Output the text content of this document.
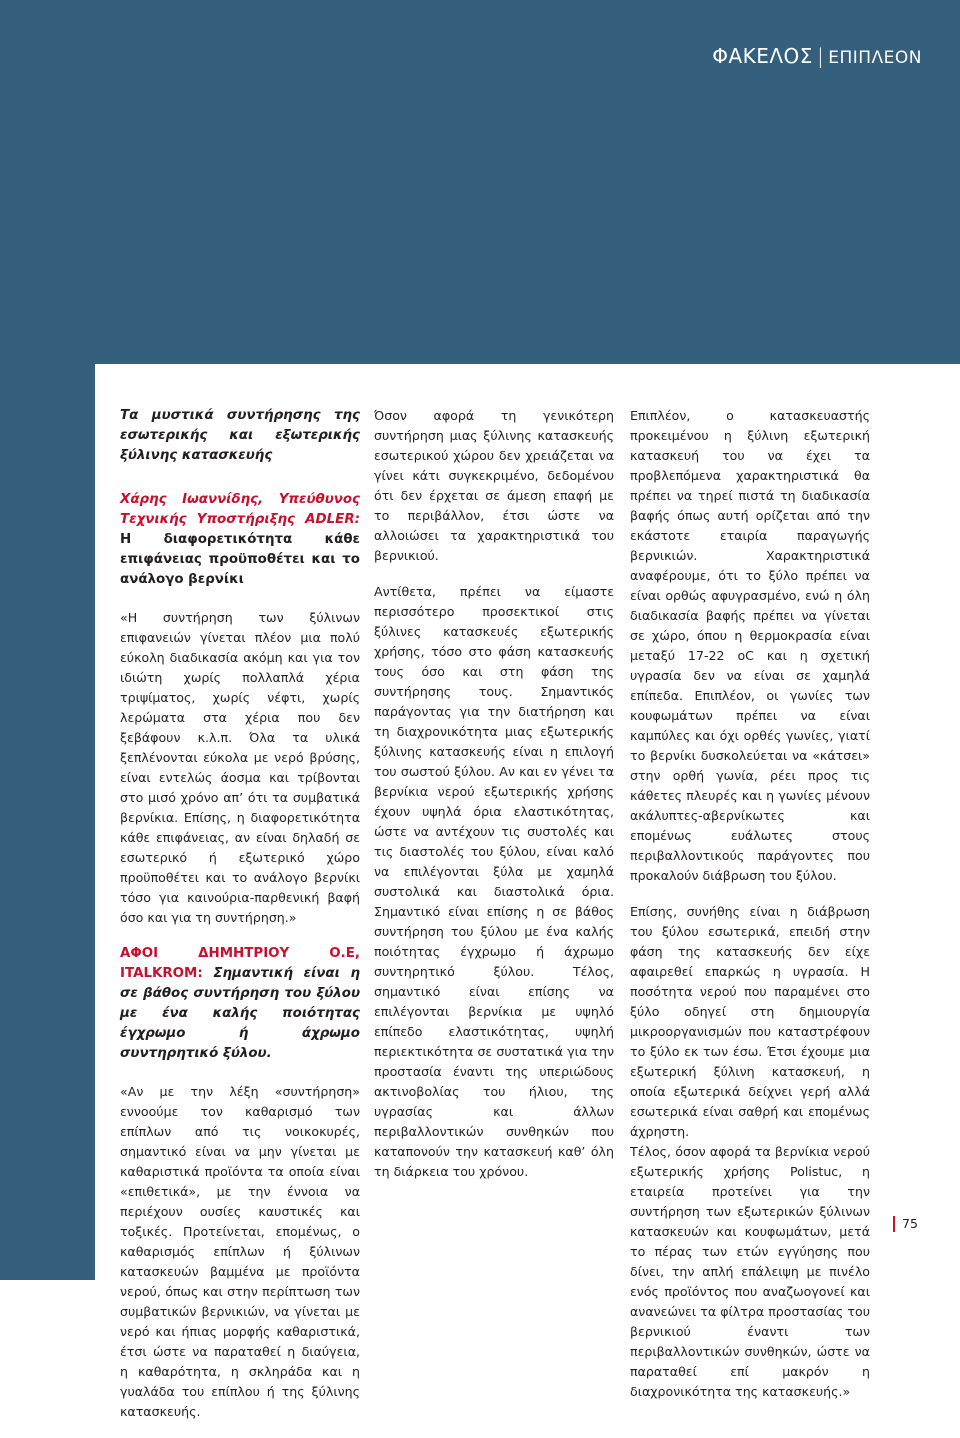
ΦΑΚΕΛΟΣ | ΕΠΙΠΛΕΟΝ
Τα μυστικά συντήρησης της εσωτερικής και εξωτερικής ξύλινης κατασκευής
Χάρης Ιωαννίδης, Υπεύθυνος Τεχνικής Υποστήριξης ADLER: Η διαφορετικότητα κάθε επιφάνειας προϋποθέτει και το ανάλογο βερνίκι

«Η συντήρηση των ξύλινων επιφανειών γίνεται πλέον μια πολύ εύκολη διαδικασία ακόμη και για τον ιδιώτη χωρίς πολλαπλά χέρια τριψίματος, χωρίς νέφτι, χωρίς λερώματα στα χέρια που δεν ξεβάφουν κ.λ.π. Όλα τα υλικά ξεπλένονται εύκολα με νερό βρύσης, είναι εντελώς άοσμα και τρίβονται στο μισό χρόνο απ’ ότι τα συμβατικά βερνίκια. Επίσης, η διαφορετικότητα κάθε επιφάνειας, αν είναι δηλαδή σε εσωτερικό ή εξωτερικό χώρο προϋποθέτει και το ανάλογο βερνίκι τόσο για καινούρια-παρθενική βαφή όσο και για τη συντήρηση.»

ΑΦΟΙ ΔΗΜΗΤΡΙΟΥ Ο.Ε, ITALKROM: Σημαντική είναι η σε βάθος συντήρηση του ξύλου με ένα καλής ποιότητας έγχρωμο ή άχρωμο συντηρητικό ξύλου.

«Αν με την λέξη «συντήρηση» εννοούμε τον καθαρισμό των επίπλων από τις νοικοκυρές, σημαντικό είναι να μην γίνεται με καθαριστικά προϊόντα τα οποία είναι «επιθετικά», με την έννοια να περιέχουν ουσίες καυστικές και τοξικές. Προτείνεται, επομένως, ο καθαρισμός επίπλων ή ξύλινων κατασκευών βαμμένα με προϊόντα νερού, όπως και στην περίπτωση των συμβατικών βερνικιών, να γίνεται με νερό και ήπιας μορφής καθαριστικά, έτσι ώστε να παραταθεί η διαύγεια, η καθαρότητα, η σκληράδα και η γυαλάδα του επίπλου ή της ξύλινης κατασκευής.

Όσον αφορά τη γενικότερη συντήρηση μιας ξύλινης κατασκευής εσωτερικού χώρου δεν χρειάζεται να γίνει κάτι συγκεκριμένο, δεδομένου ότι δεν έρχεται σε άμεση επαφή με το περιβάλλον, έτσι ώστε να αλλοιώσει τα χαρακτηριστικά του βερνικιού.

Αντίθετα, πρέπει να είμαστε περισσότερο προσεκτικοί στις ξύλινες κατασκευές εξωτερικής χρήσης, τόσο στο φάση κατασκευής τους όσο και στη φάση της συντήρησης τους. Σημαντικός παράγοντας για την διατήρηση και τη διαχρονικότητα μιας εξωτερικής ξύλινης κατασκευής είναι η επιλογή του σωστού ξύλου. Αν και εν γένει τα βερνίκια νερού εξωτερικής χρήσης έχουν υψηλά όρια ελαστικότητας, ώστε να αντέχουν τις συστολές και τις διαστολές του ξύλου, είναι καλό να επιλέγονται ξύλα με χαμηλά συστολικά και διαστολικά όρια. Σημαντικό είναι επίσης η σε βάθος συντήρηση του ξύλου με ένα καλής ποιότητας έγχρωμο ή άχρωμο συντηρητικό ξύλου. Τέλος, σημαντικό είναι επίσης να επιλέγονται βερνίκια με υψηλό επίπεδο ελαστικότητας, υψηλή περιεκτικότητα σε συστατικά για την προστασία έναντι της υπεριώδους ακτινοβολίας του ήλιου, της υγρασίας και άλλων περιβαλλοντικών συνθηκών που καταπονούν την κατασκευή καθ’ όλη τη διάρκεια του χρόνου.

Επιπλέον, ο κατασκευαστής προκειμένου η ξύλινη εξωτερική κατασκευή του να έχει τα προβλεπόμενα χαρακτηριστικά θα πρέπει να τηρεί πιστά τη διαδικασία βαφής όπως αυτή ορίζεται από την εκάστοτε εταιρία παραγωγής βερνικιών. Χαρακτηριστικά αναφέρουμε, ότι το ξύλο πρέπει να είναι ορθώς αφυγρασμένο, ενώ η όλη διαδικασία βαφής πρέπει να γίνεται σε χώρο, όπου η θερμοκρασία είναι μεταξύ 17-22 oC και η σχετική υγρασία δεν να είναι σε χαμηλά επίπεδα. Επιπλέον, οι γωνίες των κουφωμάτων πρέπει να είναι καμπύλες και όχι ορθές γωνίες, γιατί το βερνίκι δυσκολεύεται να «κάτσει» στην ορθή γωνία, ρέει προς τις κάθετες πλευρές και η γωνίες μένουν ακάλυπτες-αβερνίκωτες και επομένως ευάλωτες στους περιβαλλοντικούς παράγοντες που προκαλούν διάβρωση του ξύλου.

Επίσης, συνήθης είναι η διάβρωση του ξύλου εσωτερικά, επειδή στην φάση της κατασκευής δεν είχε αφαιρεθεί επαρκώς η υγρασία. Η ποσότητα νερού που παραμένει στο ξύλο οδηγεί στη δημιουργία μικροοργανισμών που καταστρέφουν το ξύλο εκ των έσω. Έτσι έχουμε μια εξωτερική ξύλινη κατασκευή, η οποία εξωτερικά δείχνει γερή αλλά εσωτερικά είναι σαθρή και επομένως άχρηστη.

Τέλος, όσον αφορά τα βερνίκια νερού εξωτερικής χρήσης Polistuc, η εταιρεία προτείνει για την συντήρηση των εξωτερικών ξύλινων κατασκευών και κουφωμάτων, μετά το πέρας των ετών εγγύησης που δίνει, την απλή επάλειψη με πινέλο ενός προϊόντος που αναζωογονεί και ανανεώνει τα φίλτρα προστασίας του βερνικιού έναντι των περιβαλλοντικών συνθηκών, ώστε να παραταθεί επί μακρόν η διαχρονικότητα της κατασκευής.»

75
